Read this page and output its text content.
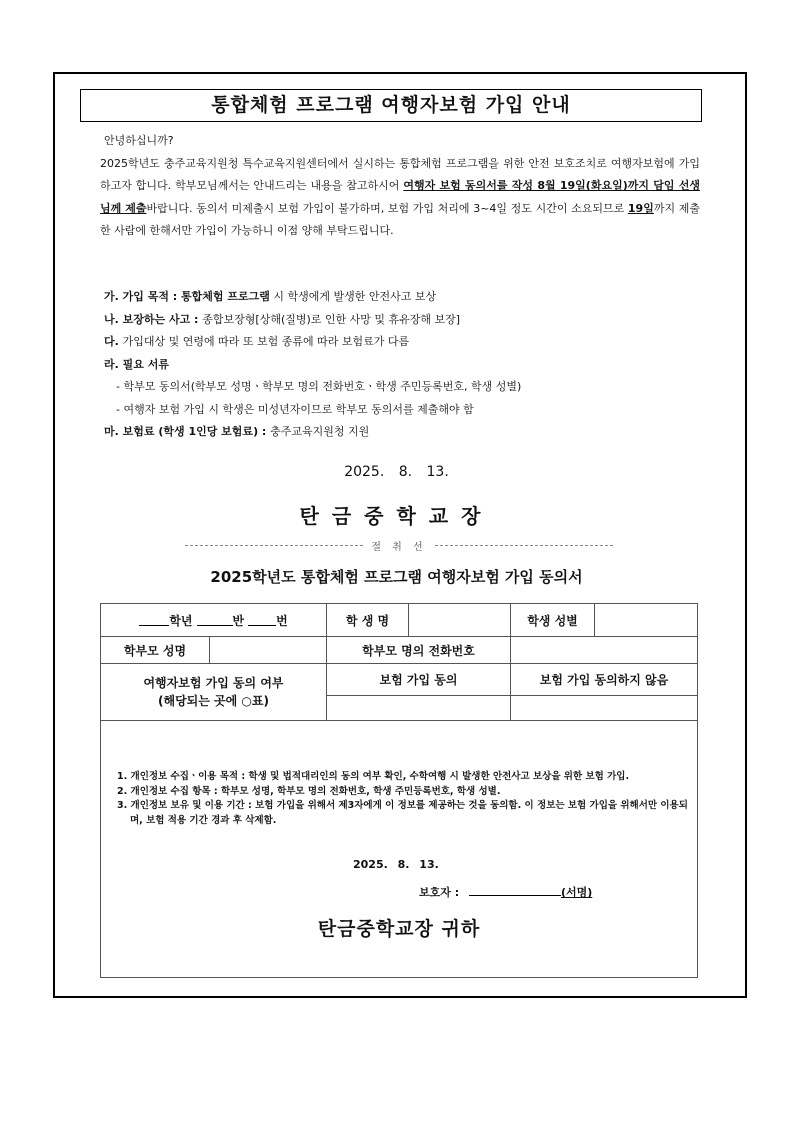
통합체험 프로그램 여행자보험 가입 안내

안녕하십니까?

2025학년도 충주교육지원청 특수교육지원센터에서 실시하는 통합체험 프로그램을 위한 안전 보호조치로 여행자보험에 가입하고자 합니다. 학부모님께서는 안내드리는 내용을 참고하시어 여행자 보험 동의서를 작성 8월 19일(화요일)까지 담임 선생님께 제출바랍니다. 동의서 미제출시 보험 가입이 불가하며, 보험 가입 처리에 3~4일 정도 시간이 소요되므로 19일까지 제출한 사람에 한해서만 가입이 가능하니 이점 양해 부탁드립니다.

가. 가입 목적 : 통합체험 프로그램 시 학생에게 발생한 안전사고 보상
나. 보장하는 사고 : 종합보장형[상해(질병)로 인한 사망 및 휴유장해 보장]
다. 가입대상 및 연령에 따라 또 보험 종류에 따라 보험료가 다름
라. 필요 서류
- 학부모 동의서(학부모 성명ㆍ학부모 명의 전화번호ㆍ학생 주민등록번호, 학생 성별)
- 여행자 보험 가입 시 학생은 미성년자이므로 학부모 동의서를 제출해야 함
마. 보험료 (학생 1인당 보험료) : 충주교육지원청 지원
2025. 8. 13.
탄금중학교장
절 취 선
2025학년도 통합체험 프로그램 여행자보험 가입 동의서
학년	반	번	학 생 명	학생 성별
학부모 성명	학부모 명의 전화번호
여행자보험 가입 동의 여부
(해당되는 곳에 ○표)
보험 가입 동의	보험 가입 동의하지 않음
1. 개인정보 수집ㆍ이용 목적 : 학생 및 법적대리인의 동의 여부 확인, 수학여행 시 발생한 안전사고 보상을 위한 보험 가입.
2. 개인정보 수집 항목 : 학부모 성명, 학부모 명의 전화번호, 학생 주민등록번호, 학생 성별.
3. 개인정보 보유 및 이용 기간 : 보험 가입을 위해서 제3자에게 이 정보를 제공하는 것을 동의함. 이 정보는 보험 가입을 위해서만 이용되며, 보험 적용 기간 경과 후 삭제함.
2025. 8. 13.
보호자 :	(서명)
탄금중학교장 귀하
